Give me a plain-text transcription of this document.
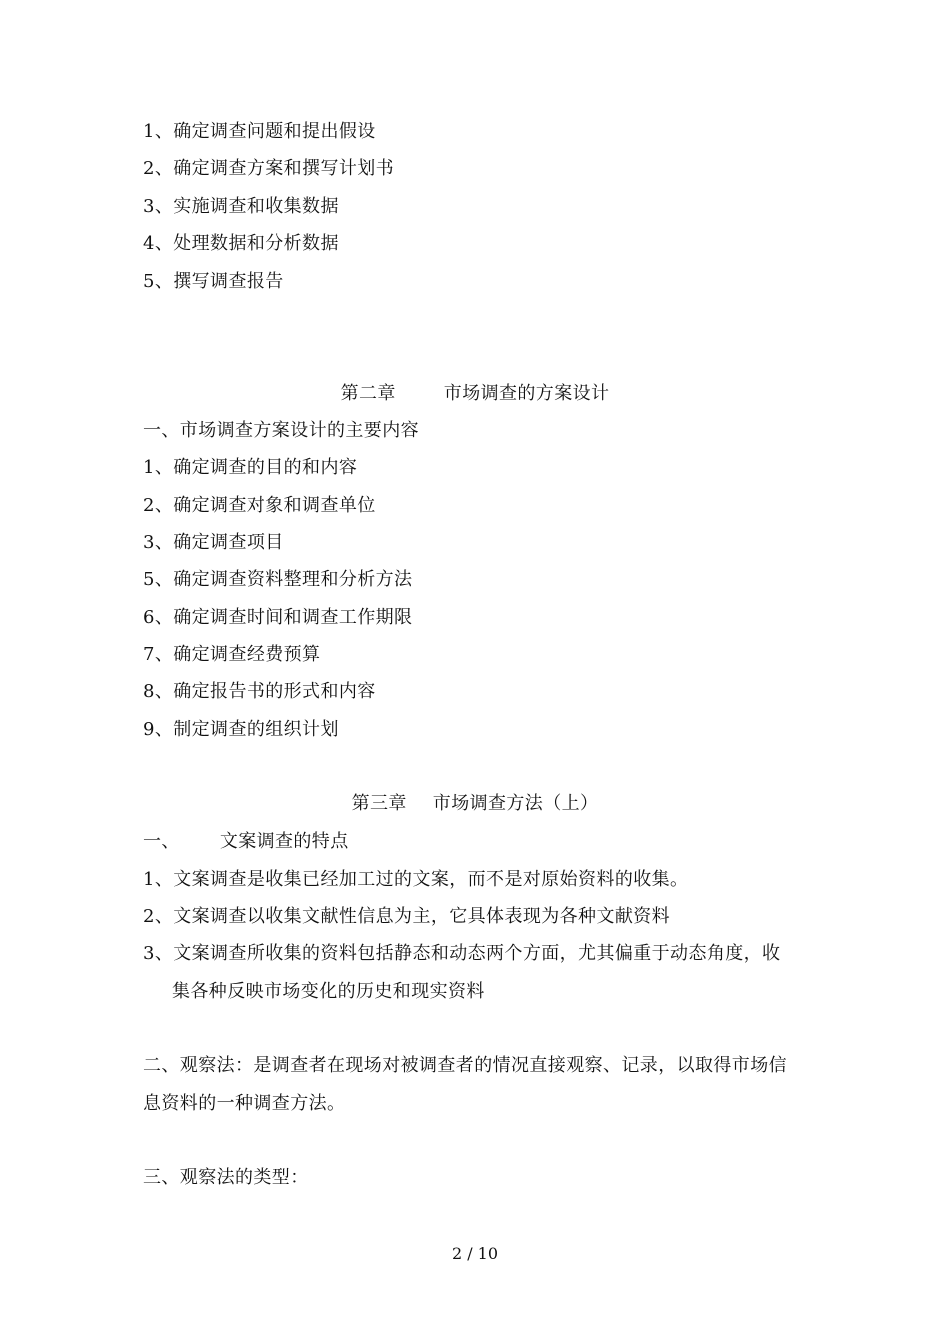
1、确定调查问题和提出假设
2、确定调查方案和撰写计划书
3、实施调查和收集数据
4、处理数据和分析数据
5、撰写调查报告
第二章	市场调查的方案设计
一、市场调查方案设计的主要内容
1、确定调查的目的和内容
2、确定调查对象和调查单位
3、确定调查项目
5、确定调查资料整理和分析方法
6、确定调查时间和调查工作期限
7、确定调查经费预算
8、确定报告书的形式和内容
9、制定调查的组织计划
第三章 市场调查方法（上）
一、 文案调查的特点
1、文案调查是收集已经加工过的文案，而不是对原始资料的收集。
2、文案调查以收集文献性信息为主，它具体表现为各种文献资料
3、文案调查所收集的资料包括静态和动态两个方面，尤其偏重于动态角度，收
集各种反映市场变化的历史和现实资料
二、观察法：是调查者在现场对被调查者的情况直接观察、记录，以取得市场信
息资料的一种调查方法。
三、观察法的类型：
2 / 10
